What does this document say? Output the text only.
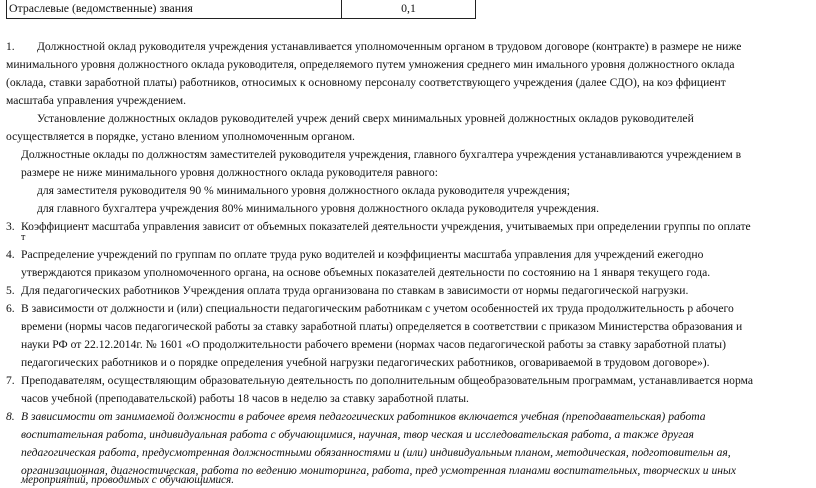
Отраслевые (ведомственные) звания	0,1
1. Должностной оклад руководителя учреждения устанавливается уполномоченным органом в трудовом договоре (контракте) в размере не ниже
минимального уровня должностного оклада руководителя, определяемого путем умножения среднего мин имального уровня должностного оклада
(оклада, ставки заработной платы) работников, относимых к основному персоналу соответствующего учреждения (далее СДО), на коэ ффициент
масштаба управления учреждением.
Установление должностных окладов руководителей учреж дений сверх минимальных уровней должностных окладов руководителей
осуществляется в порядке, устано влениом уполномоченным органом.
Должностные оклады по должностям заместителей руководителя учреждения, главного бухгалтера учреждения устанавливаются учреждением в
размере не ниже минимального уровня должностного оклада руководителя равного:
для заместителя руководителя 90 % минимального уровня должностного оклада руководителя учреждения;
для главного бухгалтера учреждения 80% минимального уровня должностного оклада руководителя учреждения.
3. Коэффициент масштаба управления зависит от объемных показателей деятельности учреждения, учитываемых при определении группы по оплате
т
4. Распределение учреждений по группам по оплате труда руко водителей и коэффициенты масштаба управления для учреждений ежегодно
утверждаются приказом уполномоченного органа, на основе объемных показателей деятельности по состоянию на 1 января текущего года.
5. Для педагогических работников Учреждения оплата труда организована по ставкам в зависимости от нормы педагогической нагрузки.
6. В зависимости от должности и (или) специальности педагогическим работникам с учетом особенностей их труда продолжительность р абочего
времени (нормы часов педагогической работы за ставку заработной платы) определяется в соответствии с приказом Министерства образования и
науки РФ от 22.12.2014г. № 1601 «О продолжительности рабочего времени (нормах часов педагогической работы за ставку заработной платы)
педагогических работников и о порядке определения учебной нагрузки педагогических работников, оговариваемой в трудовом договоре»).
7. Преподавателям, осуществляющим образовательную деятельность по дополнительным общеобразовательным программам, устанавливается норма
часов учебной (преподавательской) работы 18 часов в неделю за ставку заработной платы.
8. В зависимости от занимаемой должности в рабочее время педагогических работников включается учебная (преподавательская) работа
воспитательная работа, индивидуальная работа с обучающимися, научная, твор ческая и исследовательская работа, а также другая
педагогическая работа, предусмотренная должностными обязанностями и (или) индивидуальным планом, методическая, подготовительн ая,
организационная, диагностическая, работа по ведению мониторинга, работа, пред усмотренная планами воспитательных, творческих и иных
мероприятий, проводимых с обучающимися.
